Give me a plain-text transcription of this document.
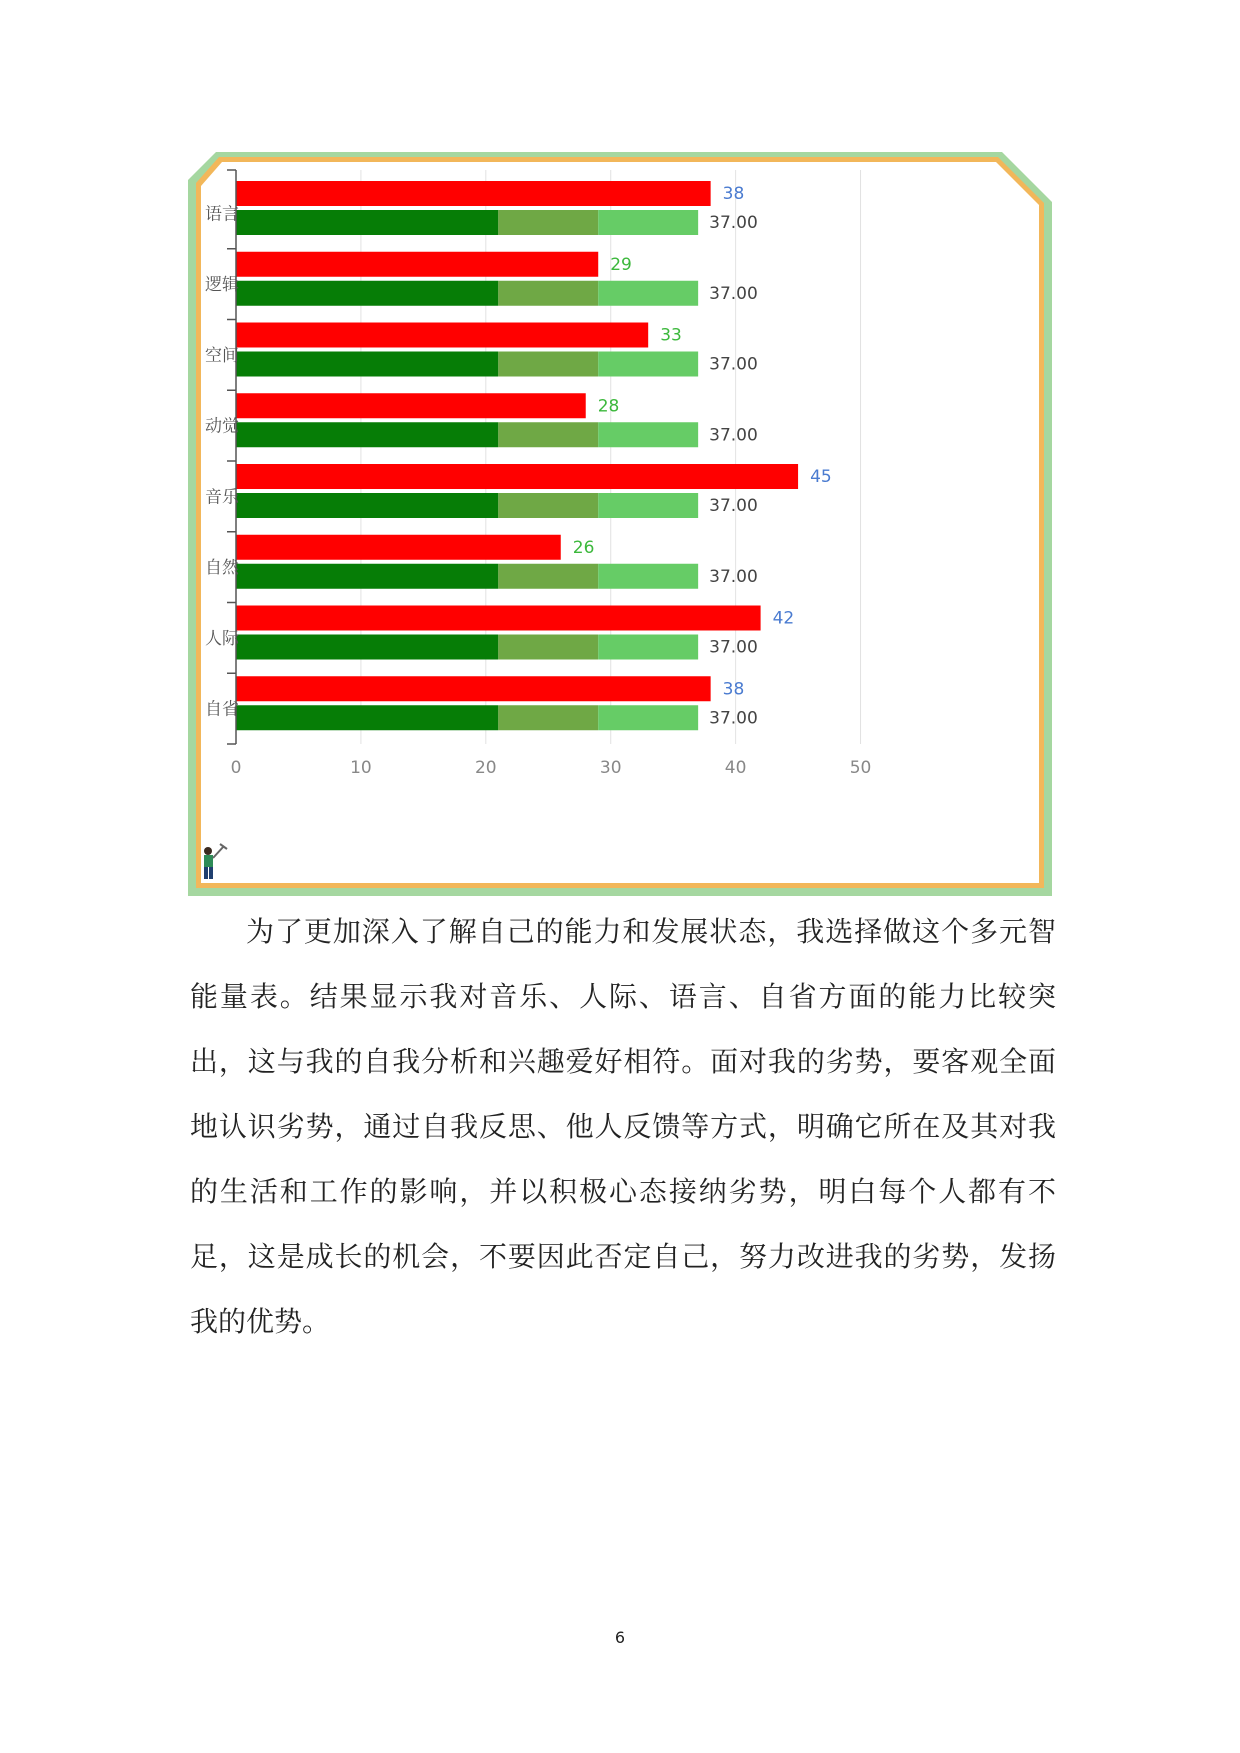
0	10	20	30	40	50
语言
38
37.00
逻辑
29
37.00
空间
33
37.00
动觉
28
37.00
音乐
45
37.00
自然
26
37.00
人际
42
37.00
自省
38
37.00

为了更加深入了解自己的能力和发展状态，我选择做这个多元智能量表。结果显示我对音乐、人际、语言、自省方面的能力比较突出，这与我的自我分析和兴趣爱好相符。面对我的劣势，要客观全面地认识劣势，通过自我反思、他人反馈等方式，明确它所在及其对我的生活和工作的影响，并以积极心态接纳劣势，明白每个人都有不足，这是成长的机会，不要因此否定自己，努力改进我的劣势，发扬我的优势。

6
